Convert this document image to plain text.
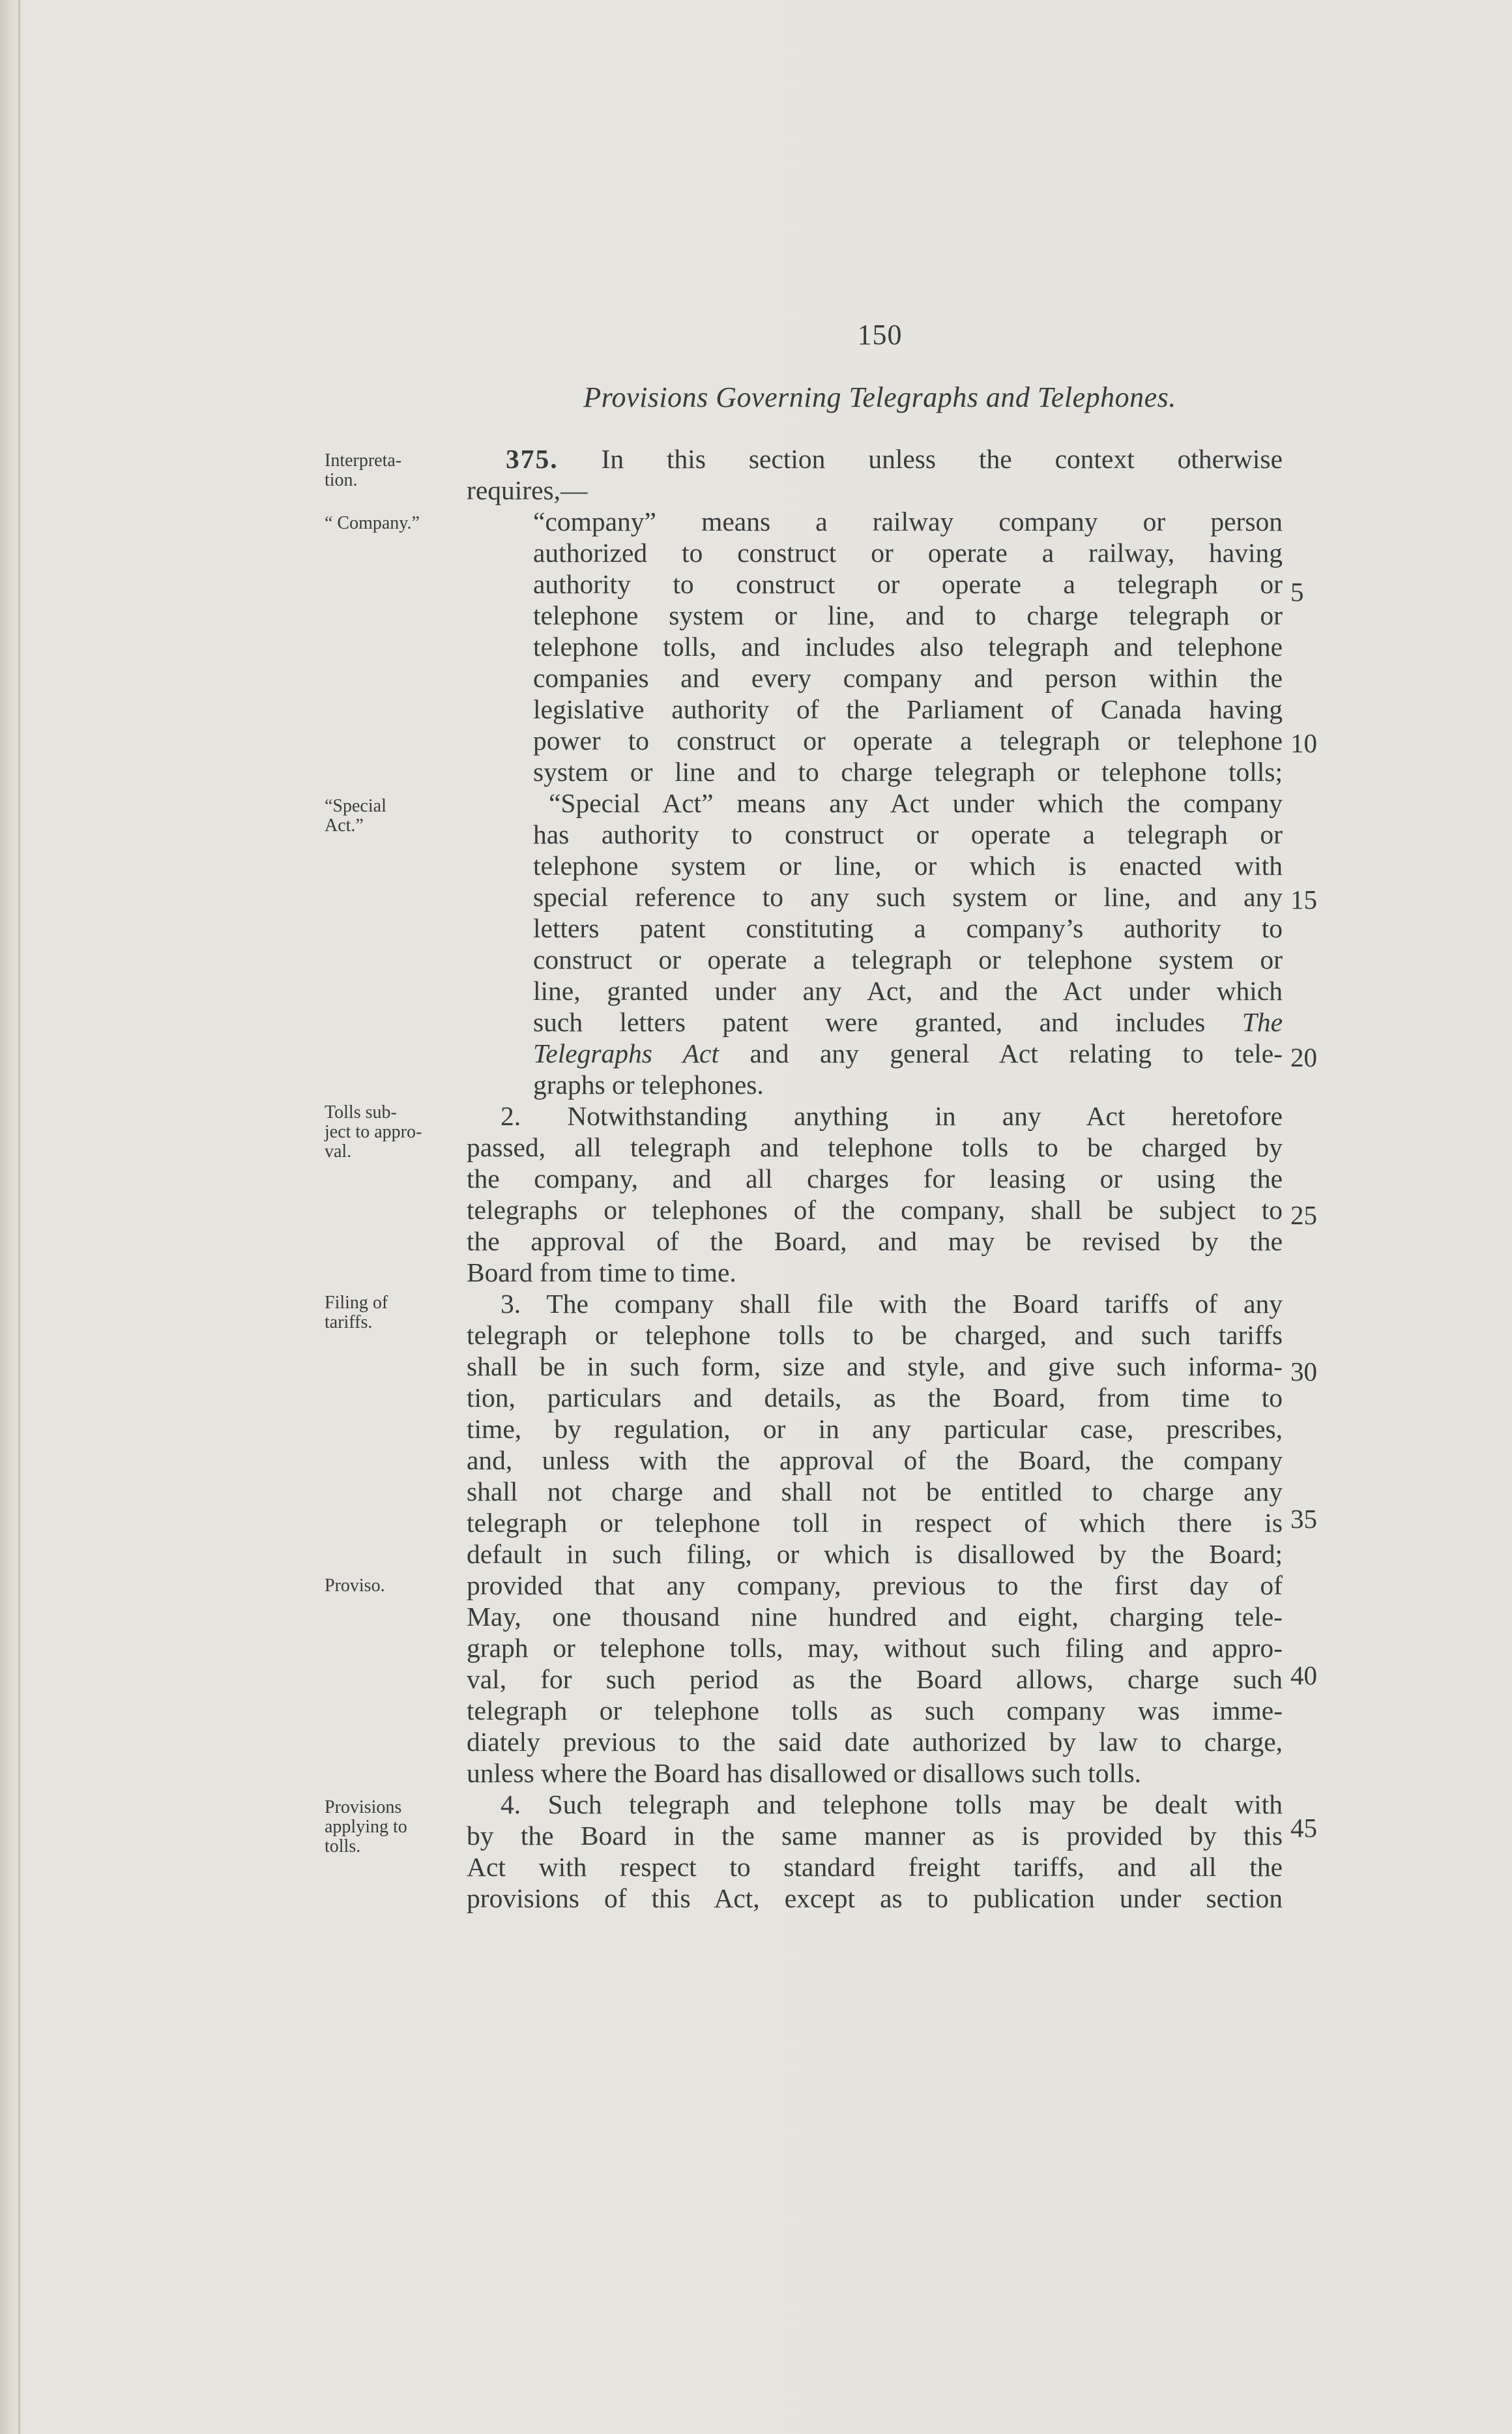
150
Provisions Governing Telegraphs and Telephones.
Interpreta-
tion.
“ Company.”
“Special
Act.”
Tolls sub-
ject to appro-
val.
Filing of
tariffs.
Proviso.
Provisions
applying to
tolls.
375. In this section unless the context otherwise
requires,—
“company” means a railway company or person
authorized to construct or operate a railway, having
authority to construct or operate a telegraph or
telephone system or line, and to charge telegraph or
telephone tolls, and includes also telegraph and telephone
companies and every company and person within the
legislative authority of the Parliament of Canada having
power to construct or operate a telegraph or telephone
system or line and to charge telegraph or telephone tolls;
“Special Act” means any Act under which the company
has authority to construct or operate a telegraph or
telephone system or line, or which is enacted with
special reference to any such system or line, and any
letters patent constituting a company’s authority to
construct or operate a telegraph or telephone system or
line, granted under any Act, and the Act under which
such letters patent were granted, and includes The
Telegraphs Act and any general Act relating to tele-
graphs or telephones.
2. Notwithstanding anything in any Act heretofore
passed, all telegraph and telephone tolls to be charged by
the company, and all charges for leasing or using the
telegraphs or telephones of the company, shall be subject to
the approval of the Board, and may be revised by the
Board from time to time.
3. The company shall file with the Board tariffs of any
telegraph or telephone tolls to be charged, and such tariffs
shall be in such form, size and style, and give such informa-
tion, particulars and details, as the Board, from time to
time, by regulation, or in any particular case, prescribes,
and, unless with the approval of the Board, the company
shall not charge and shall not be entitled to charge any
telegraph or telephone toll in respect of which there is
default in such filing, or which is disallowed by the Board;
provided that any company, previous to the first day of
May, one thousand nine hundred and eight, charging tele-
graph or telephone tolls, may, without such filing and appro-
val, for such period as the Board allows, charge such
telegraph or telephone tolls as such company was imme-
diately previous to the said date authorized by law to charge,
unless where the Board has disallowed or disallows such tolls.
4. Such telegraph and telephone tolls may be dealt with
by the Board in the same manner as is provided by this
Act with respect to standard freight tariffs, and all the
provisions of this Act, except as to publication under section
5
10
15
20
25
30
35
40
45
